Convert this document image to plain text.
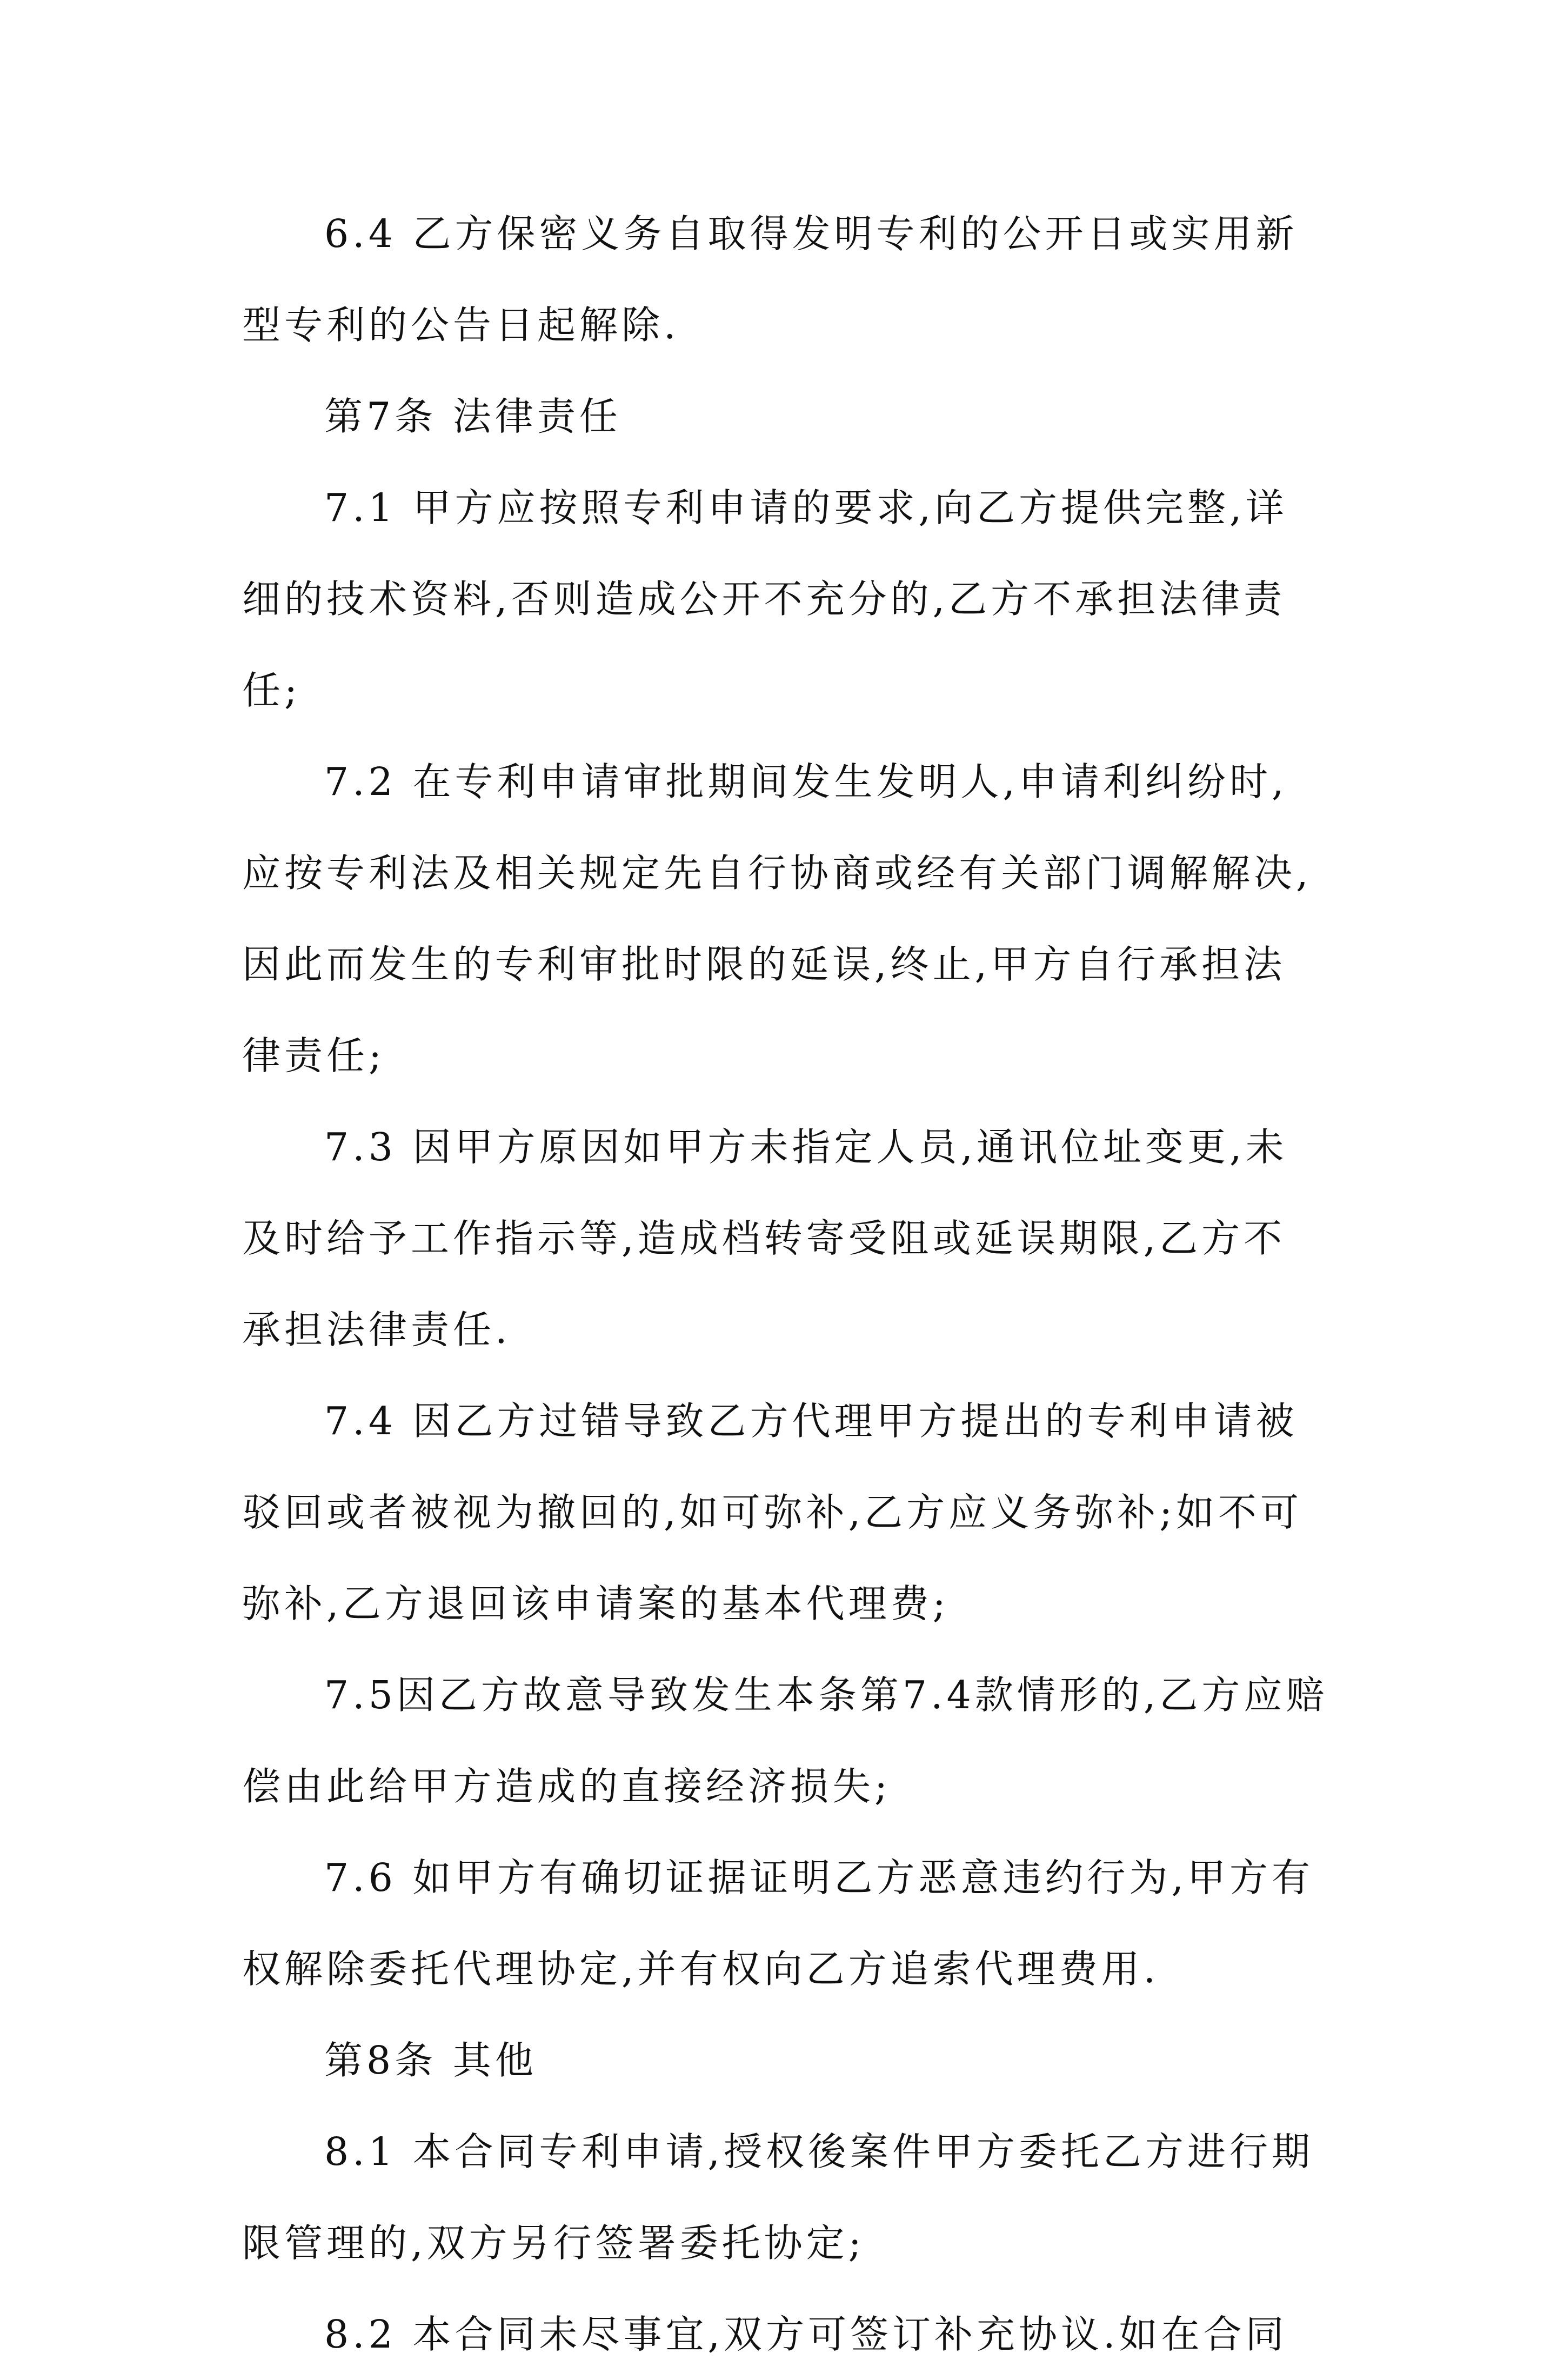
6.4 乙方保密义务自取得发明专利的公开日或实用新
型专利的公告日起解除.
第7条 法律责任
7.1 甲方应按照专利申请的要求,向乙方提供完整,详
细的技术资料,否则造成公开不充分的,乙方不承担法律责
任;
7.2 在专利申请审批期间发生发明人,申请利纠纷时,
应按专利法及相关规定先自行协商或经有关部门调解解决,
因此而发生的专利审批时限的延误,终止,甲方自行承担法
律责任;
7.3 因甲方原因如甲方未指定人员,通讯位址变更,未
及时给予工作指示等,造成档转寄受阻或延误期限,乙方不
承担法律责任.
7.4 因乙方过错导致乙方代理甲方提出的专利申请被
驳回或者被视为撤回的,如可弥补,乙方应义务弥补;如不可
弥补,乙方退回该申请案的基本代理费;
7.5因乙方故意导致发生本条第7.4款情形的,乙方应赔
偿由此给甲方造成的直接经济损失;
7.6 如甲方有确切证据证明乙方恶意违约行为,甲方有
权解除委托代理协定,并有权向乙方追索代理费用.
第8条 其他
8.1 本合同专利申请,授权後案件甲方委托乙方进行期
限管理的,双方另行签署委托协定;
8.2 本合同未尽事宜,双方可签订补充协议.如在合同
